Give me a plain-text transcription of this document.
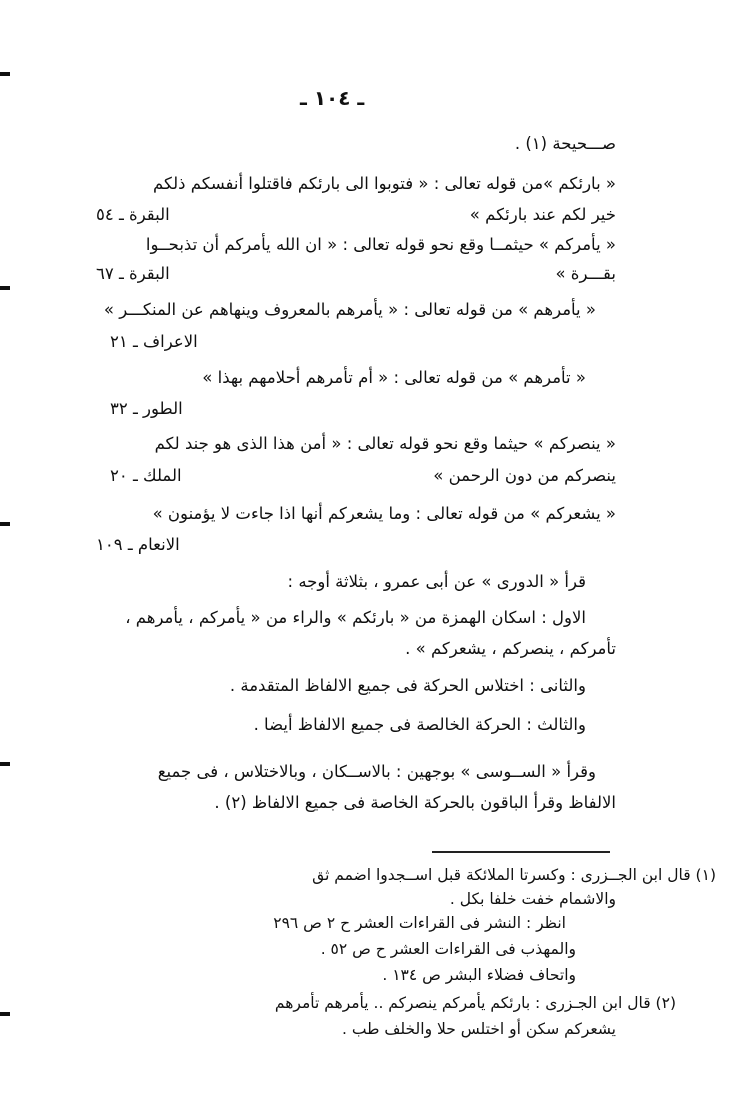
ـ ١٠٤ ـ
صـــحيحة (١) .
« بارئكم »من قوله تعالى : « فتوبوا الى بارئكم فاقتلوا أنفسكم ذلكم
خير لكم عند بارئكم »
البقرة ـ ٥٤
« يأمركم » حيثمــا وقع نحو قوله تعالى : « ان الله يأمركم أن تذبحــوا
بقـــرة »
البقرة ـ ٦٧
« يأمرهم » من قوله تعالى : « يأمرهم بالمعروف وينهاهم عن المنكـــر »
الاعراف ـ ٢١
« تأمرهم » من قوله تعالى : « أم تأمرهم أحلامهم بهذا »
الطور ـ ٣٢
« ينصركم » حيثما وقع نحو قوله تعالى : « أمن هذا الذى هو جند لكم
ينصركم من دون الرحمن »
الملك ـ ٢٠
« يشعركم » من قوله تعالى : وما يشعركم أنها اذا جاءت لا يؤمنون »
الانعام ـ ١٠٩
قرأ « الدورى » عن أبى عمرو ، بثلاثة أوجه :
الاول : اسكان الهمزة من « بارئكم » والراء من « يأمركم ، يأمرهم ،
تأمركم ، ينصركم ، يشعركم » .
والثانى : اختلاس الحركة فى جميع الالفاظ المتقدمة .
والثالث : الحركة الخالصة فى جميع الالفاظ أيضا .
وقرأ « الســوسى » بوجهين : بالاســكان ، وبالاختلاس ، فى جميع
الالفاظ وقرأ الباقون بالحركة الخاصة فى جميع الالفاظ (٢) .
(١) قال ابن الجــزرى : وكسرتا الملائكة قبل اســجدوا اضمم ثق
والاشمام خفت خلفا بكل .
انظر : النشر فى القراءات العشر ح ٢ ص ٢٩٦
والمهذب فى القراءات العشر ح ص ٥٢ .
واتحاف فضلاء البشر ص ١٣٤ .
(٢) قال ابن الجـزرى : بارئكم يأمركم ينصركم .. يأمرهم تأمرهم
يشعركم سكن أو اختلس حلا والخلف طب .
